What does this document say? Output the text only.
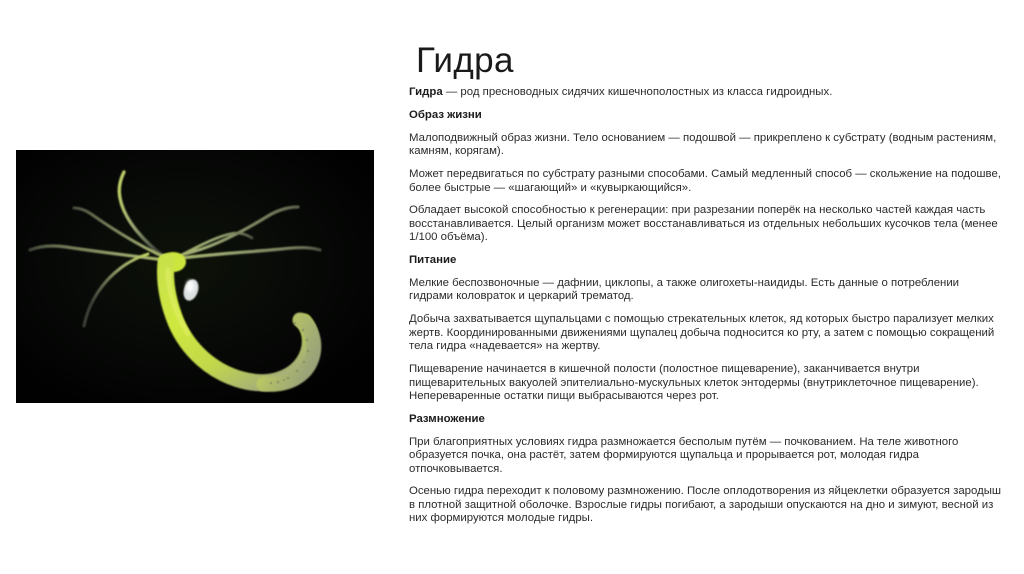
Гидра

Гидра — род пресноводных сидячих кишечнополостных из класса гидроидных.

Образ жизни

Малоподвижный образ жизни. Тело основанием — подошвой — прикреплено к субстрату (водным растениям, камням, корягам).

Может передвигаться по субстрату разными способами. Самый медленный способ — скольжение на подошве, более быстрые — «шагающий» и «кувыркающийся».

Обладает высокой способностью к регенерации: при разрезании поперёк на несколько частей каждая часть восстанавливается. Целый организм может восстанавливаться из отдельных небольших кусочков тела (менее 1/100 объёма).

Питание

Мелкие беспозвоночные — дафнии, циклопы, а также олигохеты-наидиды. Есть данные о потреблении гидрами коловраток и церкарий трематод.

Добыча захватывается щупальцами с помощью стрекательных клеток, яд которых быстро парализует мелких жертв. Координированными движениями щупалец добыча подносится ко рту, а затем с помощью сокращений тела гидра «надевается» на жертву.

Пищеварение начинается в кишечной полости (полостное пищеварение), заканчивается внутри пищеварительных вакуолей эпителиально-мускульных клеток энтодермы (внутриклеточное пищеварение). Непереваренные остатки пищи выбрасываются через рот.

Размножение

При благоприятных условиях гидра размножается бесполым путём — почкованием. На теле животного образуется почка, она растёт, затем формируются щупальца и прорывается рот, молодая гидра отпочковывается.

Осенью гидра переходит к половому размножению. После оплодотворения из яйцеклетки образуется зародыш в плотной защитной оболочке. Взрослые гидры погибают, а зародыши опускаются на дно и зимуют, весной из них формируются молодые гидры.
